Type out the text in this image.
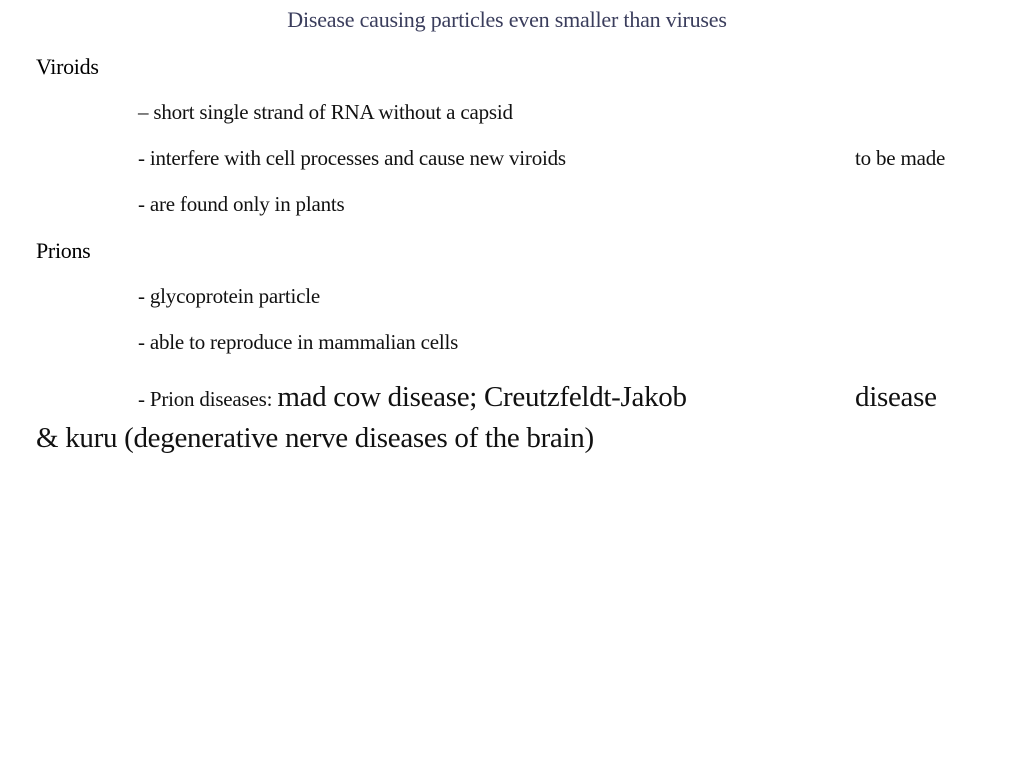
Disease causing particles even smaller than viruses
Viroids
– short single strand of RNA without a capsid
- interfere with cell processes and cause new viroids	to be made
- are found only in plants
Prions
- glycoprotein particle
- able to reproduce in mammalian cells
- Prion diseases: mad cow disease; Creutzfeldt-Jakob	disease
& kuru (degenerative nerve diseases of the brain)
